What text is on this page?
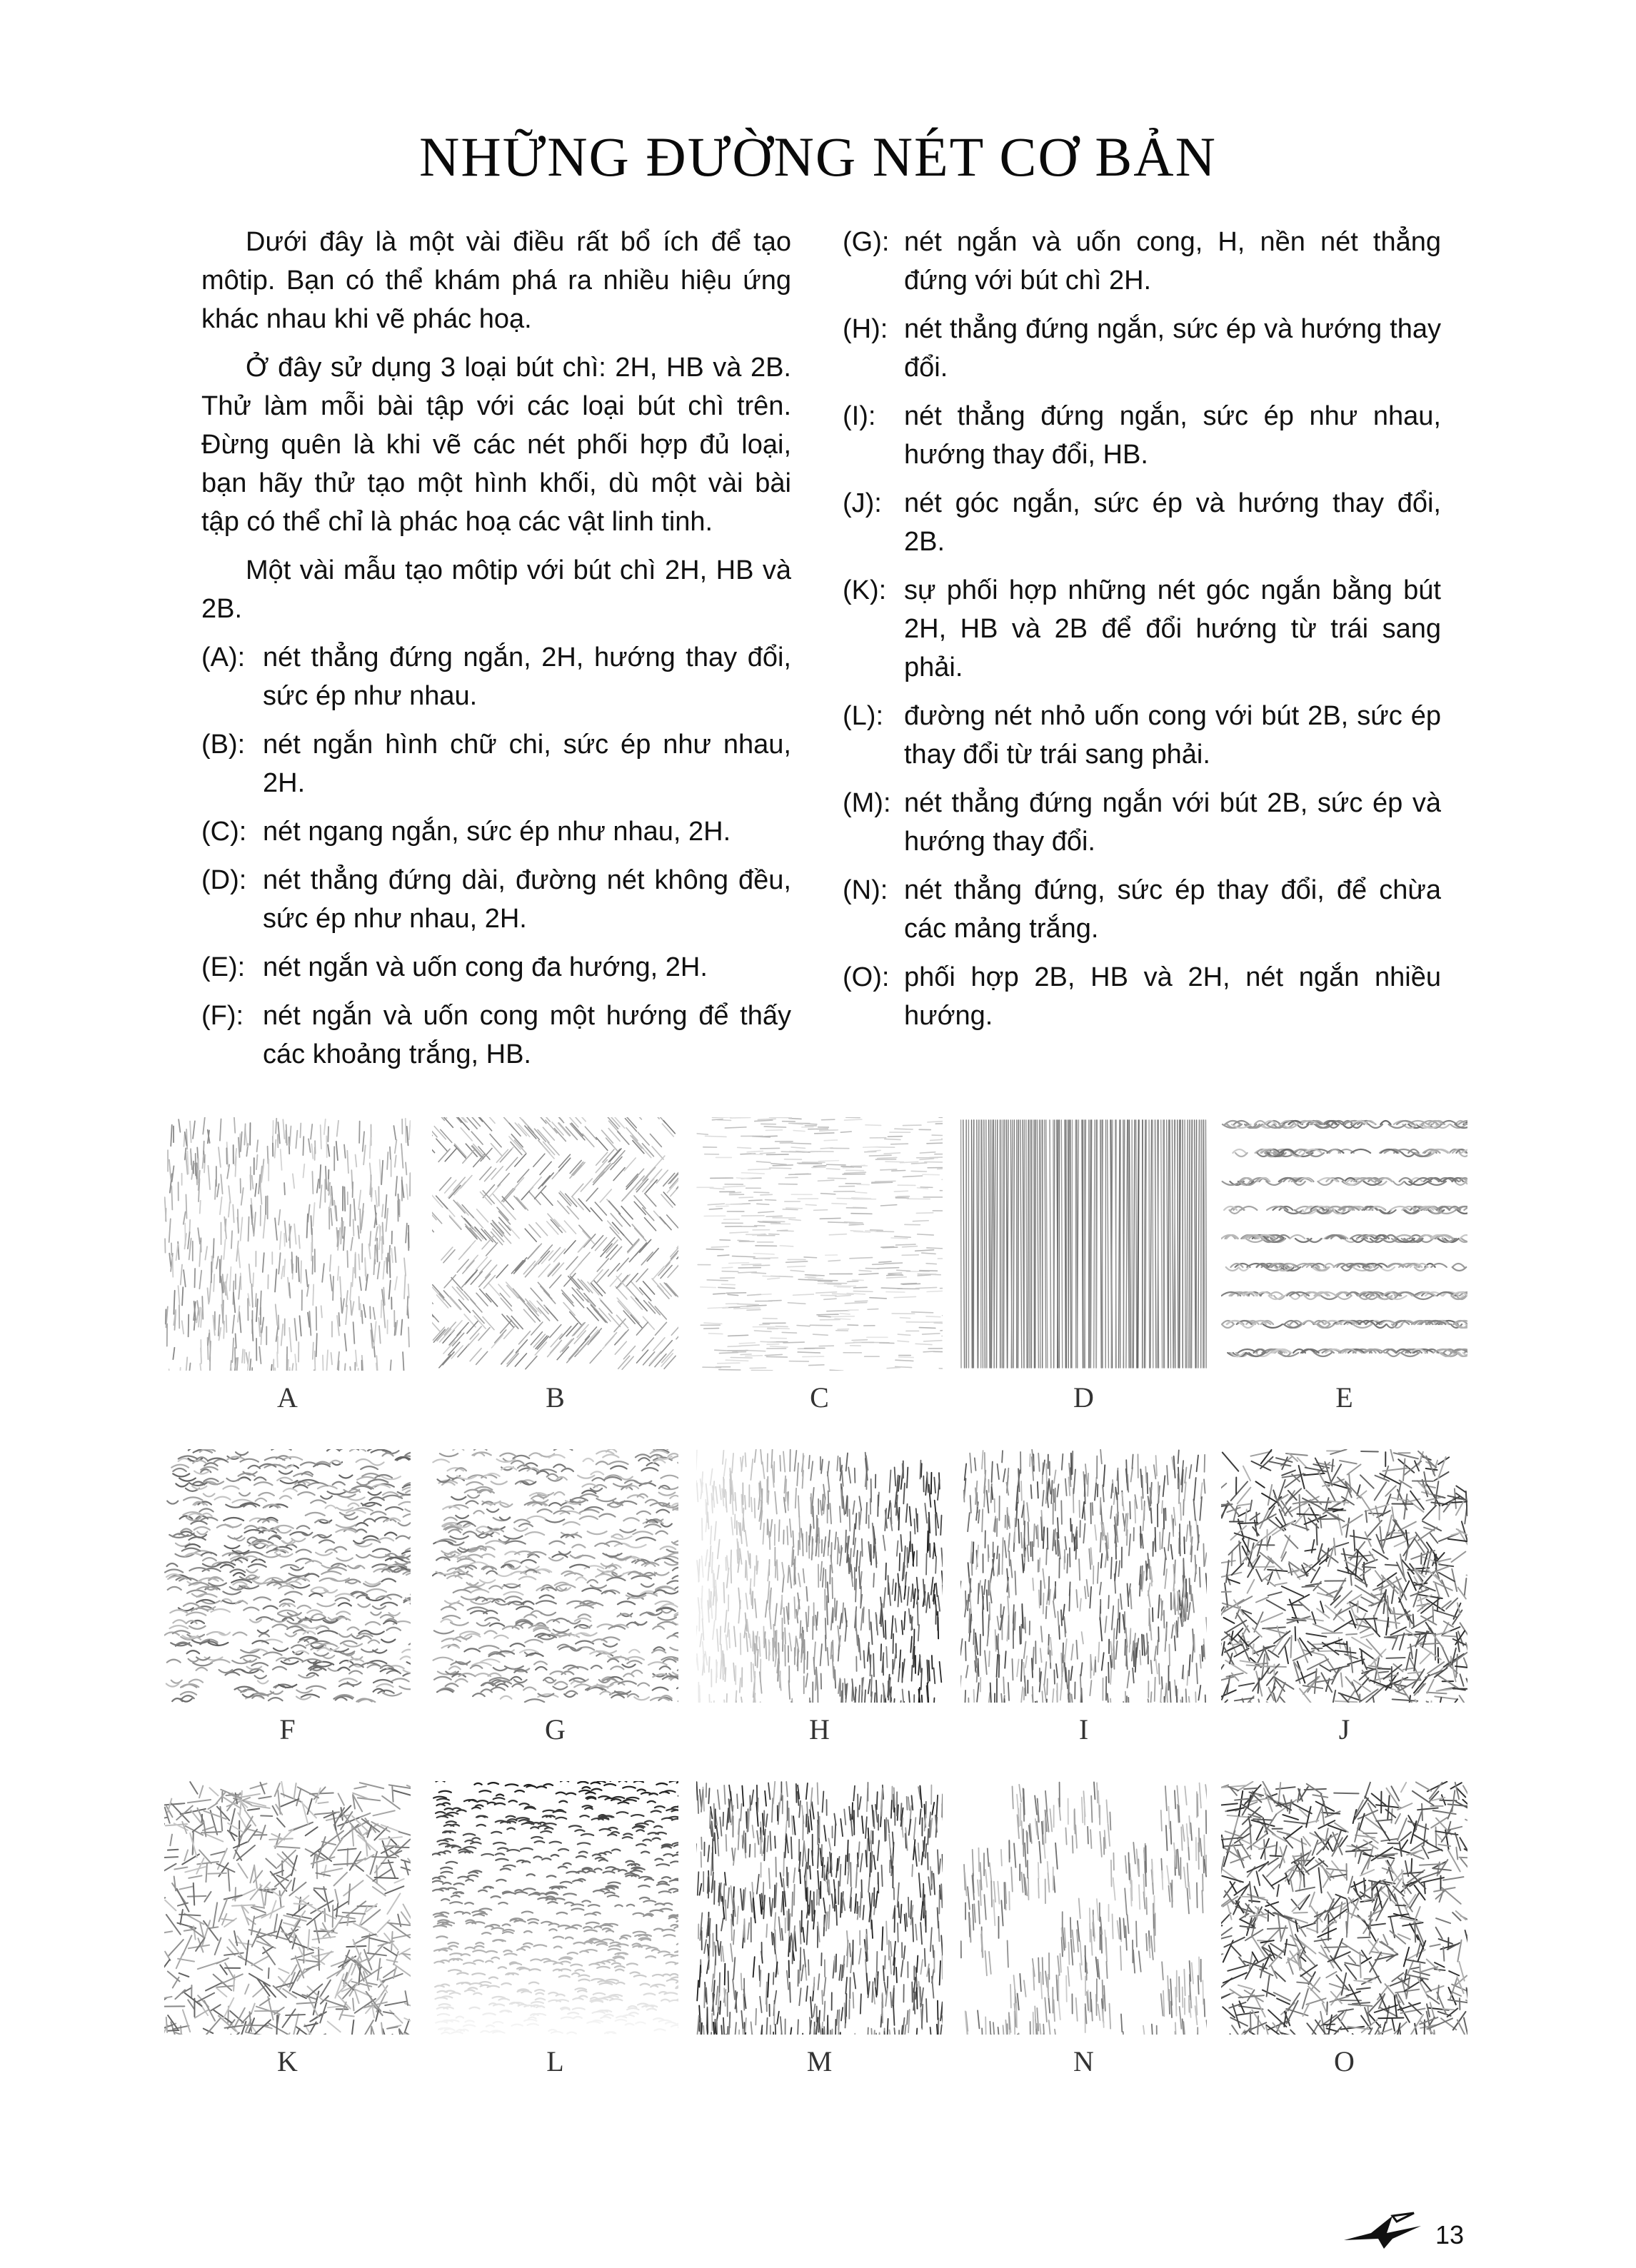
NHỮNG ĐƯỜNG NÉT CƠ BẢN

Dưới đây là một vài điều rất bổ ích để tạo môtip. Bạn có thể khám phá ra nhiều hiệu ứng khác nhau khi vẽ phác hoạ.

Ở đây sử dụng 3 loại bút chì: 2H, HB và 2B. Thử làm mỗi bài tập với các loại bút chì trên. Đừng quên là khi vẽ các nét phối hợp đủ loại, bạn hãy thử tạo một hình khối, dù một vài bài tập có thể chỉ là phác hoạ các vật linh tinh.

Một vài mẫu tạo môtip với bút chì 2H, HB và 2B.

(A): nét thẳng đứng ngắn, 2H, hướng thay đổi, sức ép như nhau.
(B): nét ngắn hình chữ chi, sức ép như nhau, 2H.
(C): nét ngang ngắn, sức ép như nhau, 2H.
(D): nét thẳng đứng dài, đường nét không đều, sức ép như nhau, 2H.
(E): nét ngắn và uốn cong đa hướng, 2H.
(F): nét ngắn và uốn cong một hướng để thấy các khoảng trắng, HB.
(G): nét ngắn và uốn cong, H, nền nét thẳng đứng với bút chì 2H.
(H): nét thẳng đứng ngắn, sức ép và hướng thay đổi.
(I):	nét thẳng đứng ngắn, sức ép như nhau, hướng thay đổi, HB.
(J): nét góc ngắn, sức ép và hướng thay đổi, 2B.
(K): sự phối hợp những nét góc ngắn bằng bút 2H, HB và 2B để đổi hướng từ trái sang phải.
(L): đường nét nhỏ uốn cong với bút 2B, sức ép thay đổi từ trái sang phải.
(M): nét thẳng đứng ngắn với bút 2B, sức ép và hướng thay đổi.
(N): nét thẳng đứng, sức ép thay đổi, để chừa các mảng trắng.
(O): phối hợp 2B, HB và 2H, nét ngắn nhiều hướng.
A	B	C	D	E
F	G	H	I	J
K	L	M	N	O
13
